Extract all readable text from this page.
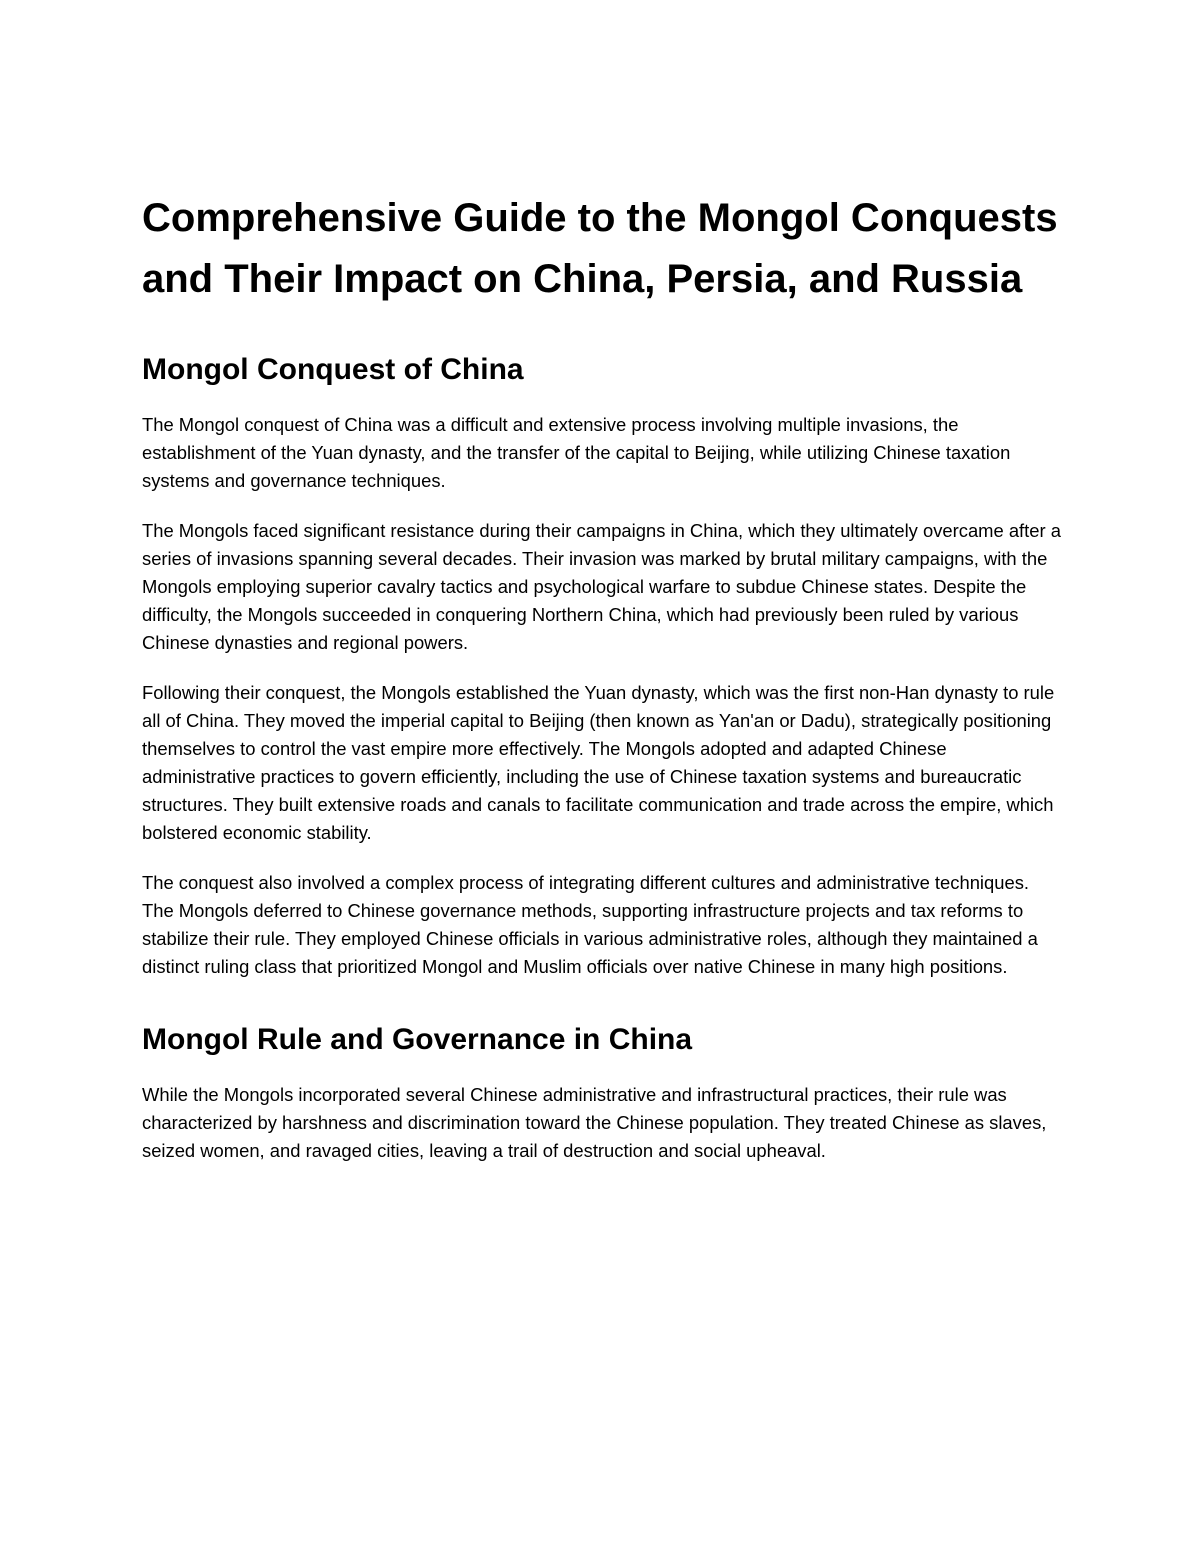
Comprehensive Guide to the Mongol Conquests and Their Impact on China, Persia, and Russia
Mongol Conquest of China

The Mongol conquest of China was a difficult and extensive process involving multiple invasions, the establishment of the Yuan dynasty, and the transfer of the capital to Beijing, while utilizing Chinese taxation systems and governance techniques.

The Mongols faced significant resistance during their campaigns in China, which they ultimately overcame after a series of invasions spanning several decades. Their invasion was marked by brutal military campaigns, with the Mongols employing superior cavalry tactics and psychological warfare to subdue Chinese states. Despite the difficulty, the Mongols succeeded in conquering Northern China, which had previously been ruled by various Chinese dynasties and regional powers.

Following their conquest, the Mongols established the Yuan dynasty, which was the first non-Han dynasty to rule all of China. They moved the imperial capital to Beijing (then known as Yan'an or Dadu), strategically positioning themselves to control the vast empire more effectively. The Mongols adopted and adapted Chinese administrative practices to govern efficiently, including the use of Chinese taxation systems and bureaucratic structures. They built extensive roads and canals to facilitate communication and trade across the empire, which bolstered economic stability.

The conquest also involved a complex process of integrating different cultures and administrative techniques. The Mongols deferred to Chinese governance methods, supporting infrastructure projects and tax reforms to stabilize their rule. They employed Chinese officials in various administrative roles, although they maintained a distinct ruling class that prioritized Mongol and Muslim officials over native Chinese in many high positions.

Mongol Rule and Governance in China

While the Mongols incorporated several Chinese administrative and infrastructural practices, their rule was characterized by harshness and discrimination toward the Chinese population. They treated Chinese as slaves, seized women, and ravaged cities, leaving a trail of destruction and social upheaval.
